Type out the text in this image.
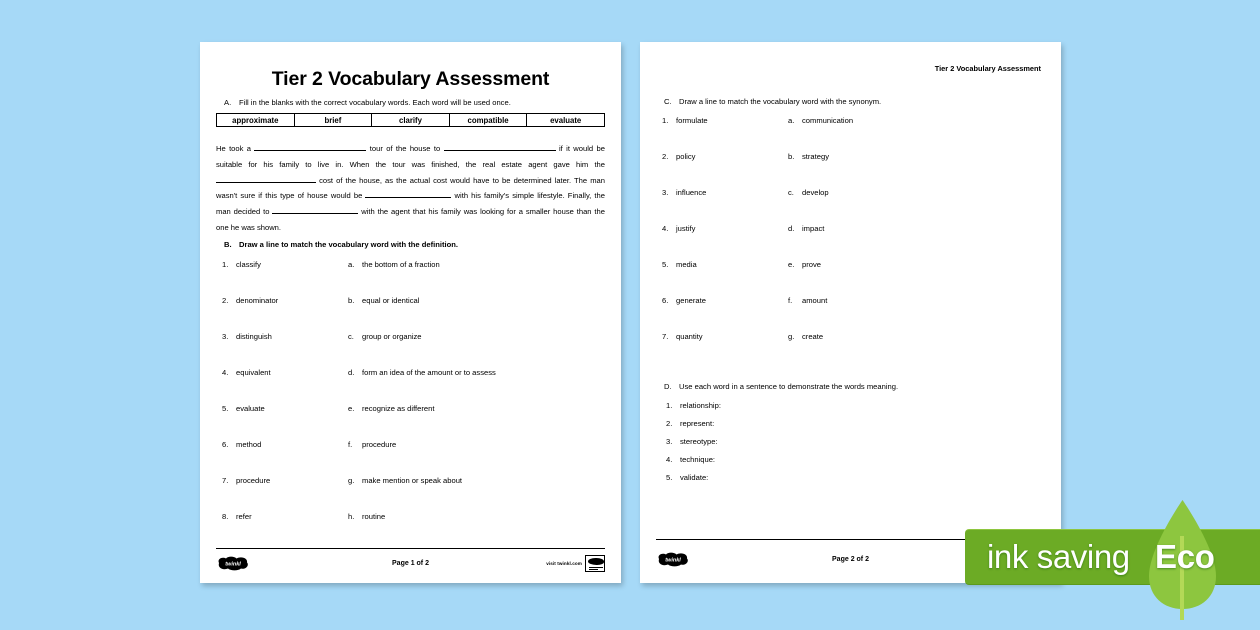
Tier 2 Vocabulary Assessment
A. Fill in the blanks with the correct vocabulary words. Each word will be used once.
approximate	brief	clarify	compatible	evaluate
He took a	tour of the house to	if it would be suitable for his family to live in. When the tour was finished, the real estate agent gave him the  cost of the house, as the actual cost would have to be determined later. The man wasn't sure if this type of house would be	with his family's simple lifestyle. Finally, the man decided to	with the agent that his family was looking for a smaller house than the one he was shown.
B. Draw a line to match the vocabulary word with the definition.
1. classify	a. the bottom of a fraction
2. denominator	b. equal or identical
3. distinguish	c. group or organize
4. equivalent	d. form an idea of the amount or to assess
5. evaluate	e. recognize as different
6. method	f. procedure
7. procedure	g. make mention or speak about
8. refer	h. routine
twinkl	Page 1 of 2	visit twinkl.com
Tier 2 Vocabulary Assessment
C. Draw a line to match the vocabulary word with the synonym.
1. formulate	a. communication
2. policy	b. strategy
3. influence	c. develop
4. justify	d. impact
5. media	e. prove
6. generate	f. amount
7. quantity	g. create
D. Use each word in a sentence to demonstrate the words meaning.
1. relationship:
2. represent:
3. stereotype:
4. technique:
5. validate:
twinkl	Page 2 of 2	ink saving Eco
